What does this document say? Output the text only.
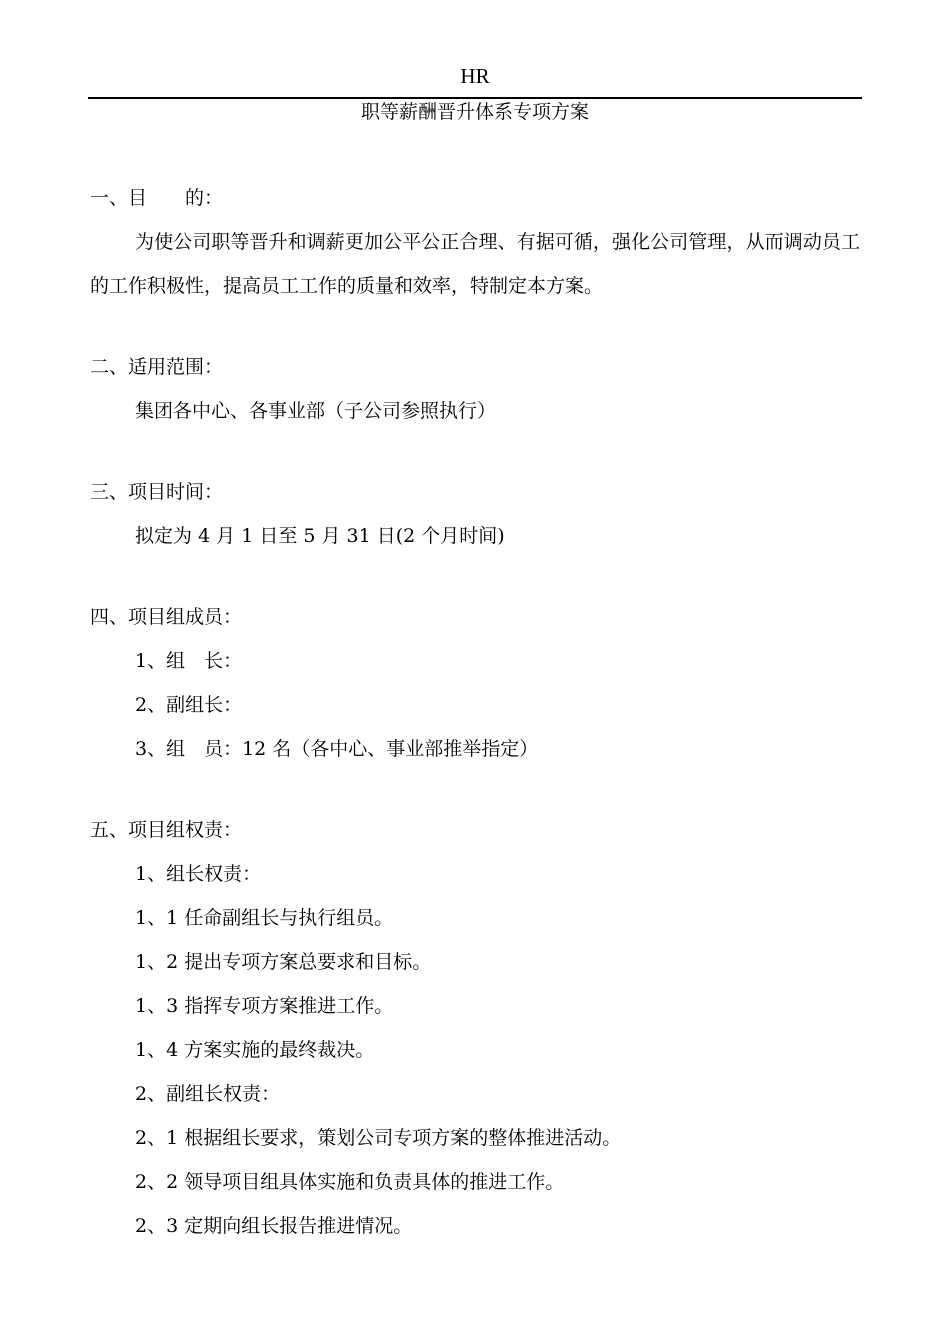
HR
职等薪酬晋升体系专项方案
一、目　　的：
为使公司职等晋升和调薪更加公平公正合理、有据可循，强化公司管理，从而调动员工的工作积极性，提高员工工作的质量和效率，特制定本方案。
二、适用范围：
集团各中心、各事业部（子公司参照执行）
三、项目时间：
拟定为 4 月 1 日至 5 月 31 日(2 个月时间)
四、项目组成员：
1、组　长：
2、副组长：
3、组　员：12 名（各中心、事业部推举指定）
五、项目组权责：
1、组长权责：
1、1 任命副组长与执行组员。
1、2 提出专项方案总要求和目标。
1、3 指挥专项方案推进工作。
1、4 方案实施的最终裁决。
2、副组长权责：
2、1 根据组长要求，策划公司专项方案的整体推进活动。
2、2 领导项目组具体实施和负责具体的推进工作。
2、3 定期向组长报告推进情况。
